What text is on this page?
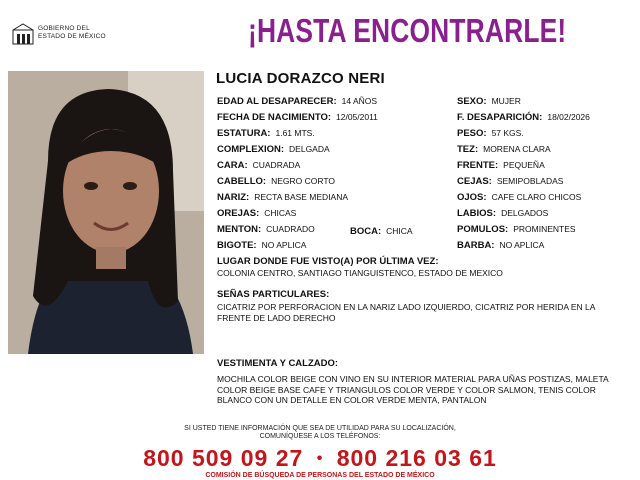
GOBIERNO DEL
ESTADO DE MÉXICO	¡HASTA ENCONTRARLE!
LUCIA DORAZCO NERI
EDAD AL DESAPARECER: 14 AÑOS
FECHA DE NACIMIENTO: 12/05/2011
ESTATURA: 1.61 MTS.
COMPLEXION: DELGADA
CARA: CUADRADA
CABELLO: NEGRO CORTO
NARIZ: RECTA BASE MEDIANA
OREJAS: CHICAS
MENTON: CUADRADO	BOCA: CHICA
BIGOTE: NO APLICA
SEXO: MUJER
F. DESAPARICIÓN: 18/02/2026
PESO: 57 KGS.
TEZ: MORENA CLARA
FRENTE: PEQUEÑA
CEJAS: SEMIPOBLADAS
OJOS: CAFE CLARO CHICOS
LABIOS: DELGADOS
POMULOS: PROMINENTES
BARBA: NO APLICA
LUGAR DONDE FUE VISTO(A) POR ÚLTIMA VEZ:
COLONIA CENTRO, SANTIAGO TIANGUISTENCO, ESTADO DE MEXICO
SEÑAS PARTICULARES:
CICATRIZ POR PERFORACION EN LA NARIZ LADO IZQUIERDO, CICATRIZ POR HERIDA EN LA FRENTE DE LADO DERECHO
VESTIMENTA Y CALZADO:
MOCHILA COLOR BEIGE CON VINO EN SU INTERIOR MATERIAL PARA UÑAS POSTIZAS, MALETA COLOR BEIGE BASE CAFE Y TRIANGULOS COLOR VERDE Y COLOR SALMON, TENIS COLOR BLANCO CON UN DETALLE EN COLOR VERDE MENTA, PANTALON
SI USTED TIENE INFORMACIÓN QUE SEA DE UTILIDAD PARA SU LOCALIZACIÓN,
COMUNÍQUESE A LOS TELÉFONOS:
800 509 09 27 • 800 216 03 61
COMISIÓN DE BÚSQUEDA DE PERSONAS DEL ESTADO DE MÉXICO
